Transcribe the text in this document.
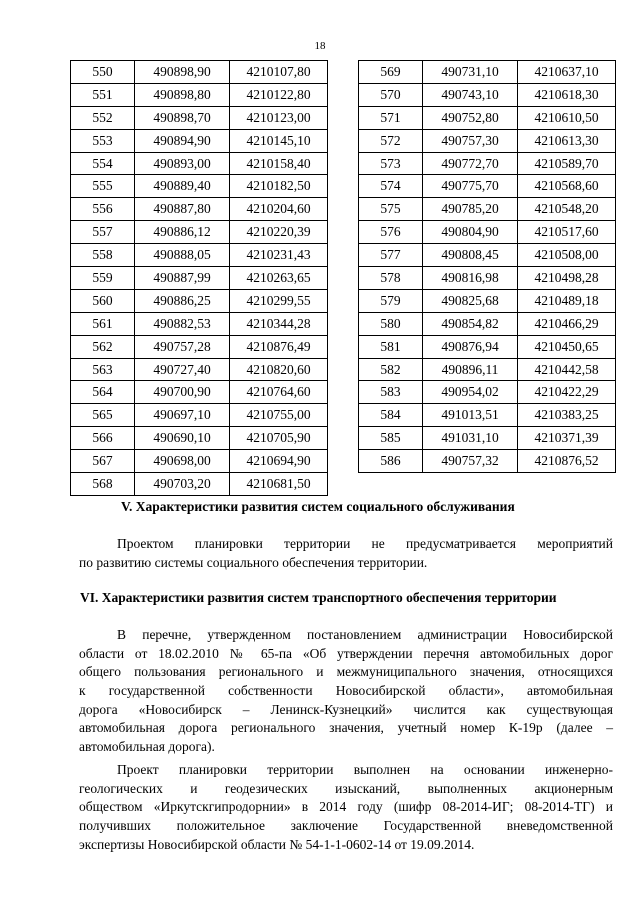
18
550	490898,90	4210107,80
551	490898,80	4210122,80
552	490898,70	4210123,00
553	490894,90	4210145,10
554	490893,00	4210158,40
555	490889,40	4210182,50
556	490887,80	4210204,60
557	490886,12	4210220,39
558	490888,05	4210231,43
559	490887,99	4210263,65
560	490886,25	4210299,55
561	490882,53	4210344,28
562	490757,28	4210876,49
563	490727,40	4210820,60
564	490700,90	4210764,60
565	490697,10	4210755,00
566	490690,10	4210705,90
567	490698,00	4210694,90
568	490703,20	4210681,50
569	490731,10	4210637,10
570	490743,10	4210618,30
571	490752,80	4210610,50
572	490757,30	4210613,30
573	490772,70	4210589,70
574	490775,70	4210568,60
575	490785,20	4210548,20
576	490804,90	4210517,60
577	490808,45	4210508,00
578	490816,98	4210498,28
579	490825,68	4210489,18
580	490854,82	4210466,29
581	490876,94	4210450,65
582	490896,11	4210442,58
583	490954,02	4210422,29
584	491013,51	4210383,25
585	491031,10	4210371,39
586	490757,32	4210876,52
V. Характеристики развития систем социального обслуживания
Проектом планировки территории не предусматривается мероприятий
по развитию системы социального обеспечения территории.
VI. Характеристики развития систем транспортного обеспечения территории
В перечне, утвержденном постановлением администрации Новосибирской
области от 18.02.2010 № 65-па «Об утверждении перечня автомобильных дорог
общего пользования регионального и межмуниципального значения, относящихся
к государственной собственности Новосибирской области», автомобильная
дорога «Новосибирск – Ленинск-Кузнецкий» числится как существующая
автомобильная дорога регионального значения, учетный номер К-19р (далее –
автомобильная дорога).
Проект планировки территории выполнен на основании инженерно-
геологических и геодезических изысканий, выполненных акционерным
обществом «Иркутскгипродорнии» в 2014 году (шифр 08-2014-ИГ; 08-2014-ТГ) и
получивших положительное заключение Государственной вневедомственной
экспертизы Новосибирской области № 54-1-1-0602-14 от 19.09.2014.
